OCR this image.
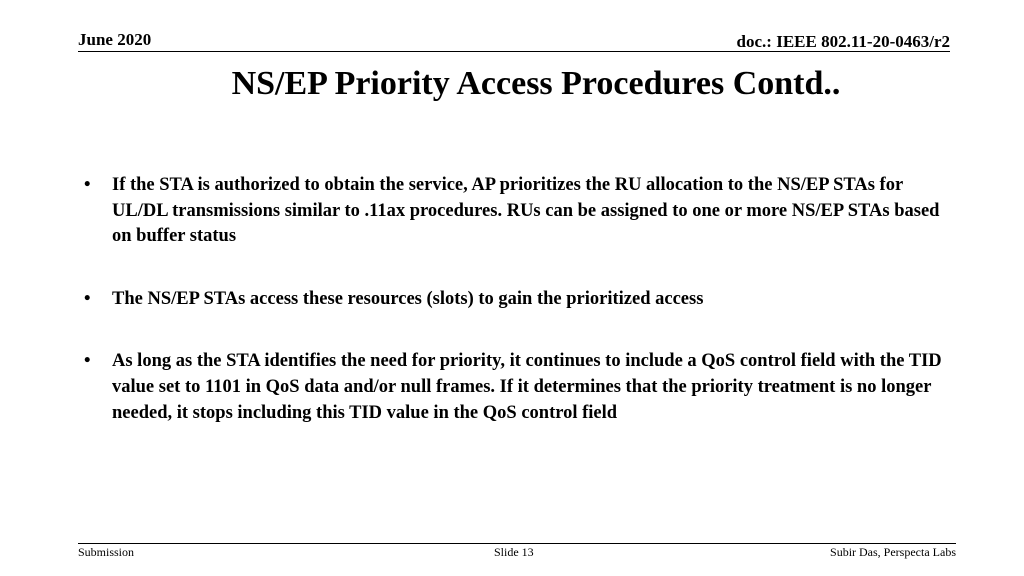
June 2020	doc.: IEEE 802.11-20-0463/r2
NS/EP Priority Access Procedures Contd..
• If the STA is authorized to obtain the service, AP prioritizes the RU allocation to the NS/EP STAs for UL/DL transmissions similar to .11ax procedures. RUs can be assigned to one or more NS/EP STAs based on buffer status
• The NS/EP STAs access these resources (slots) to gain the prioritized access
• As long as the STA identifies the need for priority, it continues to include a QoS control field with the TID value set to 1101 in QoS data and/or null frames. If it determines that the priority treatment is no longer needed, it stops including this TID value in the QoS control field
Submission	Slide 13	Subir Das, Perspecta Labs
